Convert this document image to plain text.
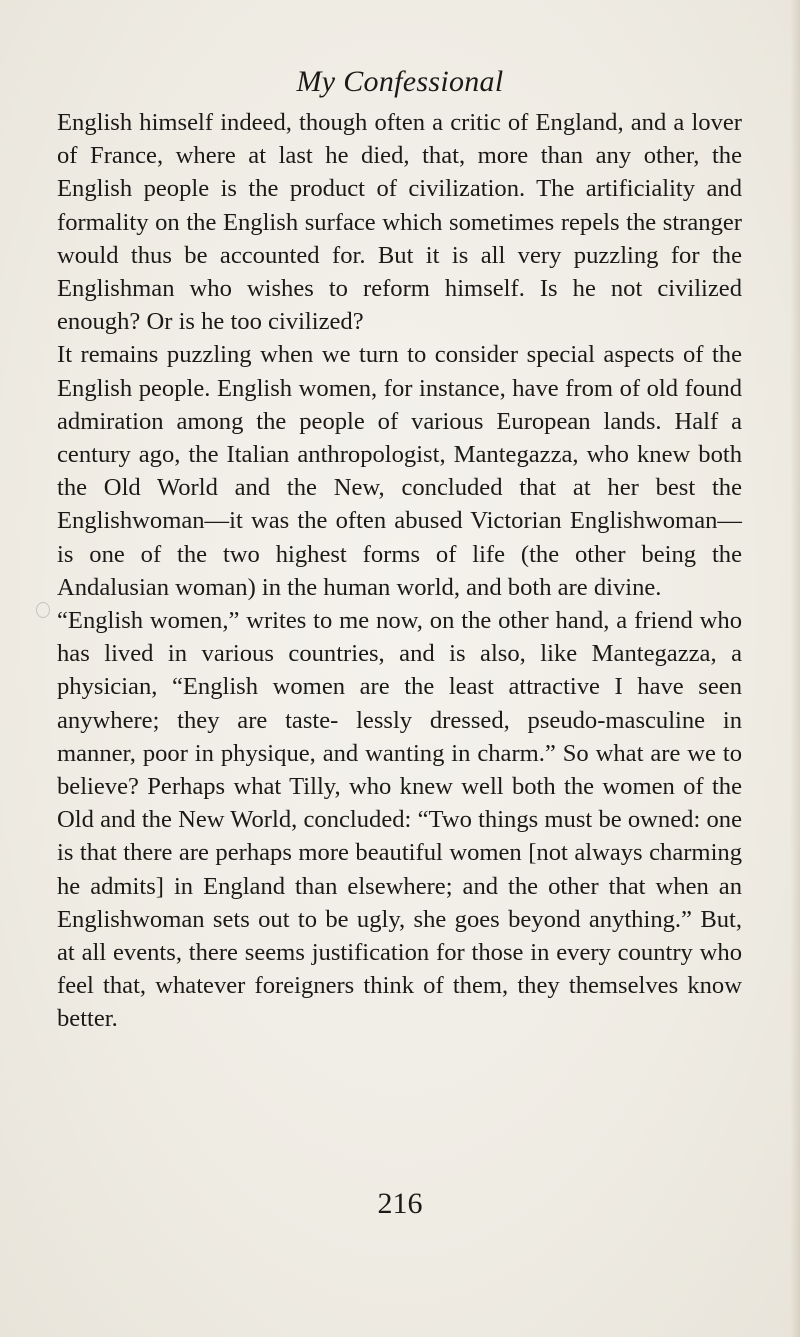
My Confessional

English himself indeed, though often a critic of England, and a lover of France, where at last he died, that, more than any other, the English people is the product of civilization. The artificiality and formality on the English surface which sometimes repels the stranger would thus be accounted for. But it is all very puzzling for the Englishman who wishes to reform himself. Is he not civilized enough? Or is he too civilized?

It remains puzzling when we turn to consider special aspects of the English people. English women, for instance, have from of old found admiration among the people of various European lands. Half a century ago, the Italian anthropologist, Mantegazza, who knew both the Old World and the New, concluded that at her best the Englishwoman—it was the often abused Victorian Englishwoman—is one of the two highest forms of life (the other being the Andalusian woman) in the human world, and both are divine.

“English women,” writes to me now, on the other hand, a friend who has lived in various countries, and is also, like Mantegazza, a physician, “English women are the least attractive I have seen anywhere; they are taste- lessly dressed, pseudo-masculine in manner, poor in physique, and wanting in charm.” So what are we to believe? Perhaps what Tilly, who knew well both the women of the Old and the New World, concluded: “Two things must be owned: one is that there are perhaps more beautiful women [not always charming he admits] in England than elsewhere; and the other that when an Englishwoman sets out to be ugly, she goes beyond anything.” But, at all events, there seems justification for those in every country who feel that, whatever foreigners think of them, they themselves know better.

216
